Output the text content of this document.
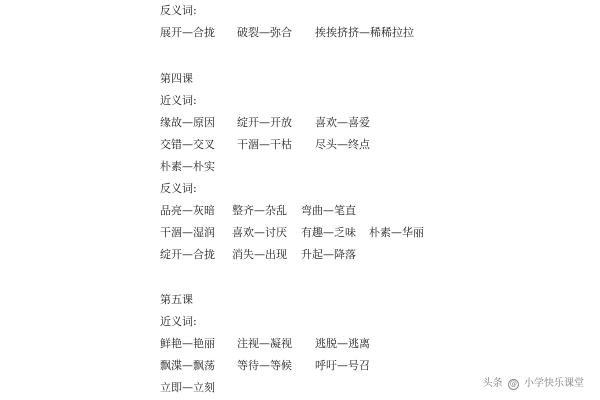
反义词:
展开—合拢 破裂—弥合 挨挨挤挤—稀稀拉拉
第四课
近义词:
缘故—原因 绽开—开放 喜欢—喜爱
交错—交叉 干涸—干枯 尽头—终点
朴素—朴实
反义词:
品亮—灰暗 整齐—杂乱 弯曲—笔直
干涸—湿润 喜欢—讨厌 有趣—乏味 朴素—华丽
绽开—合拢 消失—出现 升起—降落
第五课
近义词:
鲜艳—艳丽 注视—凝视 逃脱—逃离
飘渫—飘荡 等待—等候 呼吁—号召
立即—立刻	头条 @ 小学快乐课堂
